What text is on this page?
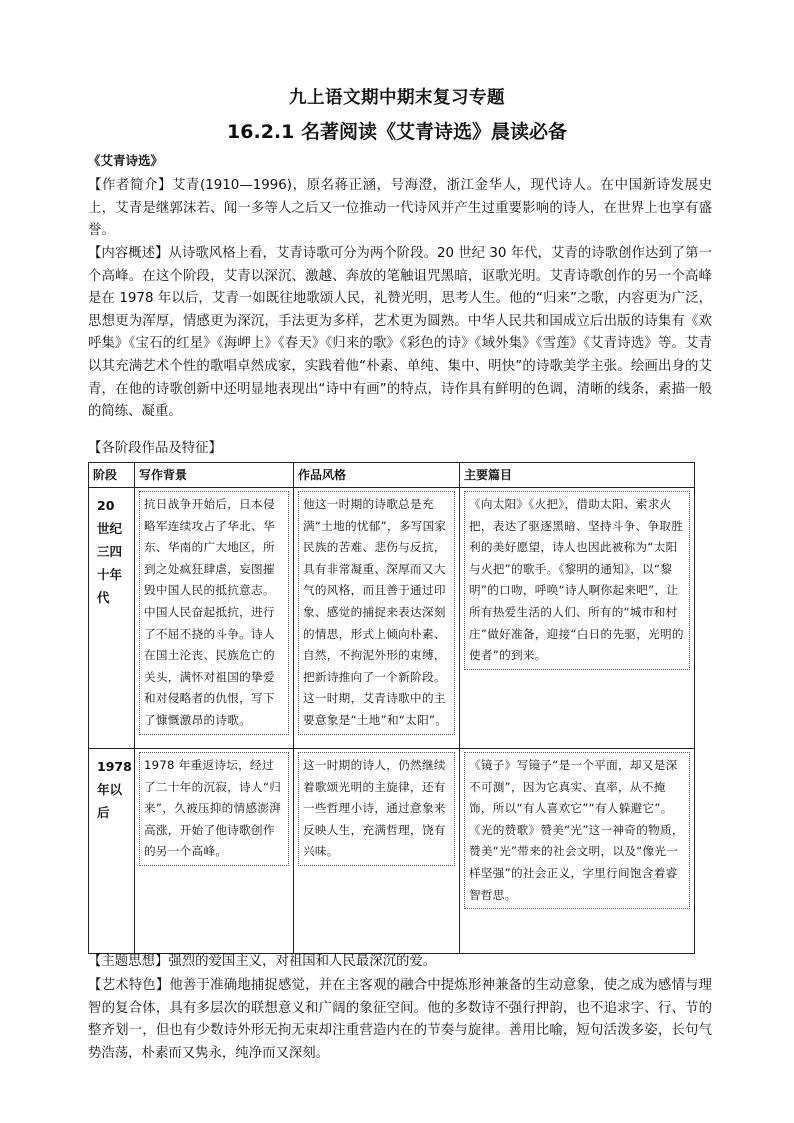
九上语文期中期末复习专题
16.2.1 名著阅读《艾青诗选》晨读必备
《艾青诗选》
【作者简介】艾青(1910—1996)，原名蒋正涵，号海澄，浙江金华人，现代诗人。在中国新诗发展史上，艾青是继郭沫若、闻一多等人之后又一位推动一代诗风并产生过重要影响的诗人，在世界上也享有盛誉。
【内容概述】从诗歌风格上看，艾青诗歌可分为两个阶段。20 世纪 30 年代，艾青的诗歌创作达到了第一个高峰。在这个阶段，艾青以深沉、激越、奔放的笔触诅咒黑暗，讴歌光明。艾青诗歌创作的另一个高峰是在 1978 年以后，艾青一如既往地歌颂人民，礼赞光明，思考人生。他的“归来”之歌，内容更为广泛，思想更为浑厚，情感更为深沉，手法更为多样，艺术更为圆熟。中华人民共和国成立后出版的诗集有《欢呼集》《宝石的红星》《海岬上》《春天》《归来的歌》《彩色的诗》《域外集》《雪莲》《艾青诗选》等。艾青以其充满艺术个性的歌唱卓然成家，实践着他“朴素、单纯、集中、明快”的诗歌美学主张。绘画出身的艾青，在他的诗歌创新中还明显地表现出“诗中有画”的特点，诗作具有鲜明的色调，清晰的线条，素描一般的简练、凝重。
【各阶段作品及特征】
阶段	写作背景	作品风格	主要篇目

20 世纪三四十年代	抗日战争开始后，日本侵略军连续攻占了华北、华东、华南的广大地区，所到之处疯狂肆虐，妄图摧毁中国人民的抵抗意志。中国人民奋起抵抗，进行了不屈不挠的斗争。诗人在国土沦丧、民族危亡的关头，满怀对祖国的挚爱和对侵略者的仇恨，写下了慷慨激昂的诗歌。	他这一时期的诗歌总是充满“土地的忧郁”，多写国家民族的苦难、悲伤与反抗，具有非常凝重、深厚而又大气的风格，而且善于通过印象、感觉的捕捉来表达深刻的情思，形式上倾向朴素、自然，不拘泥外形的束缚，把新诗推向了一个新阶段。这一时期，艾青诗歌中的主要意象是“土地”和“太阳”。	《向太阳》《火把》，借助太阳、索求火把，表达了驱逐黑暗、坚持斗争、争取胜利的美好愿望，诗人也因此被称为“太阳与火把”的歌手。《黎明的通知》，以“黎明”的口吻，呼唤“诗人啊你起来吧”，让所有热爱生活的人们、所有的“城市和村庄”做好准备，迎接“白日的先驱，光明的使者”的到来。

1978 年以后	1978 年重返诗坛，经过了二十年的沉寂，诗人“归来”，久被压抑的情感澎湃高涨，开始了他诗歌创作的另一个高峰。	这一时期的诗人，仍然继续着歌颂光明的主旋律，还有一些哲理小诗，通过意象来反映人生，充满哲理，饶有兴味。	《镜子》写镜子“是一个平面，却又是深不可测”，因为它真实、直率，从不掩饰，所以“有人喜欢它”“有人躲避它”。《光的赞歌》赞美“光”这一神奇的物质，赞美“光”带来的社会文明，以及“像光一样坚强”的社会正义，字里行间饱含着睿智哲思。
【主题思想】强烈的爱国主义，对祖国和人民最深沉的爱。
【艺术特色】他善于准确地捕捉感觉，并在主客观的融合中提炼形神兼备的生动意象，使之成为感情与理智的复合体，具有多层次的联想意义和广阔的象征空间。他的多数诗不强行押韵，也不追求字、行、节的整齐划一，但也有少数诗外形无拘无束却注重营造内在的节奏与旋律。善用比喻，短句活泼多姿，长句气势浩荡，朴素而又隽永，纯净而又深刻。
